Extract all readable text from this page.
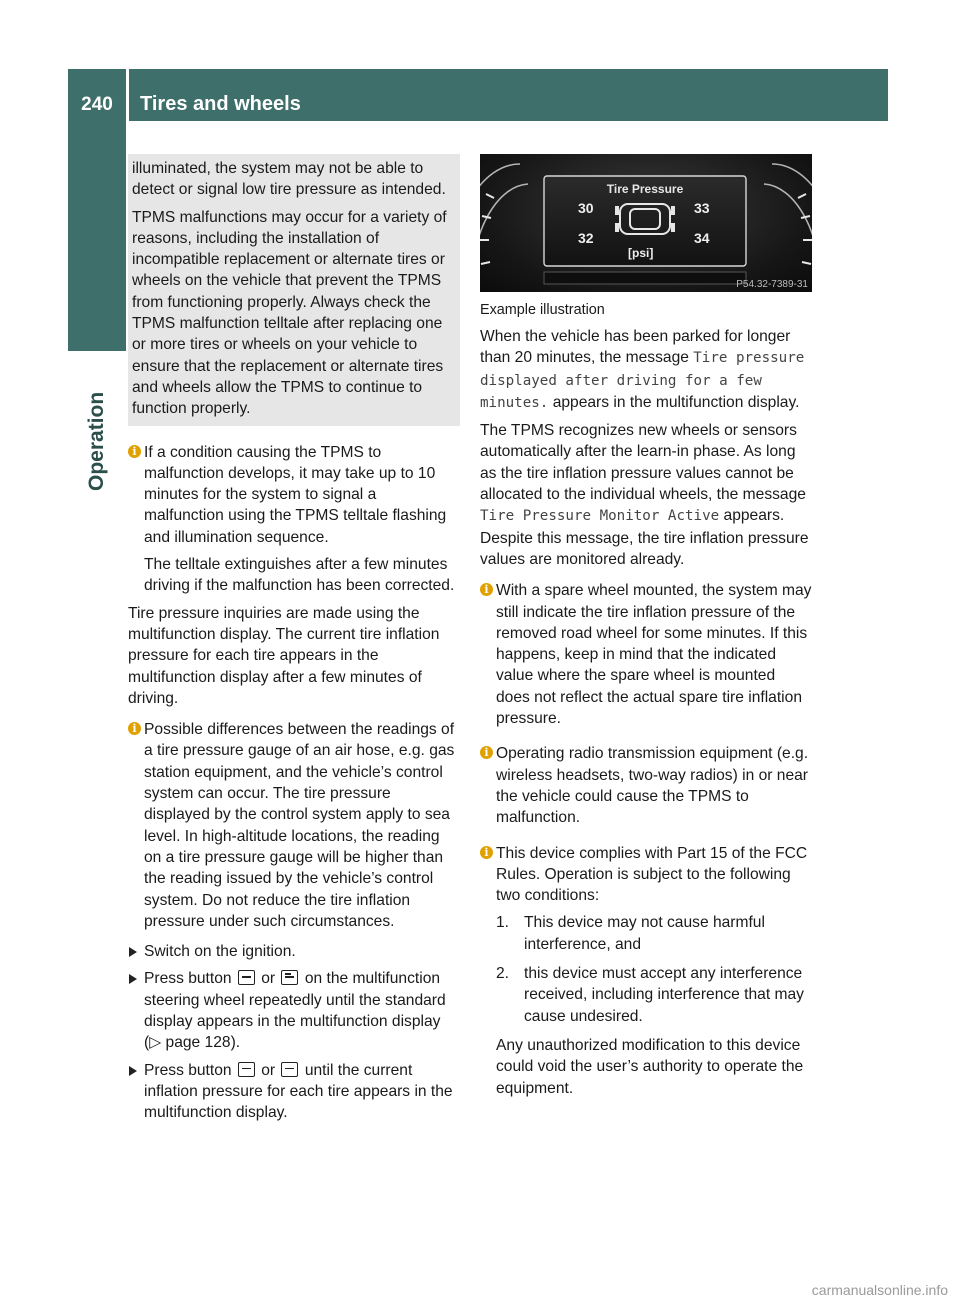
240	Tires and wheels
Operation

illuminated, the system may not be able to detect or signal low tire pressure as intended.

TPMS malfunctions may occur for a variety of reasons, including the installation of incompatible replacement or alternate tires or wheels on the vehicle that prevent the TPMS from functioning properly. Always check the TPMS malfunction telltale after replacing one or more tires or wheels on your vehicle to ensure that the replacement or alternate tires and wheels allow the TPMS to continue to function properly.

i If a condition causing the TPMS to malfunction develops, it may take up to 10 minutes for the system to signal a malfunction using the TPMS telltale flashing and illumination sequence.

The telltale extinguishes after a few minutes driving if the malfunction has been corrected.

Tire pressure inquiries are made using the multifunction display. The current tire inflation pressure for each tire appears in the multifunction display after a few minutes of driving.

i Possible differences between the readings of a tire pressure gauge of an air hose, e.g. gas station equipment, and the vehicle’s control system can occur. The tire pressure displayed by the control system apply to sea level. In high-altitude locations, the reading on a tire pressure gauge will be higher than the reading issued by the vehicle’s control system. Do not reduce the tire inflation pressure under such circumstances.

Switch on the ignition.

Press button or on the multifunction steering wheel repeatedly until the standard display appears in the multifunction display (▷ page 128).

Press button or until the current inflation pressure for each tire appears in the multifunction display.

Tire Pressure
30	33
32	34
[psi]
P54.32-7389-31
Example illustration

When the vehicle has been parked for longer than 20 minutes, the message Tire pressure displayed after driving for a few minutes. appears in the multifunction display.

The TPMS recognizes new wheels or sensors automatically after the learn-in phase. As long as the tire inflation pressure values cannot be allocated to the individual wheels, the message Tire Pressure Monitor Active appears. Despite this message, the tire inflation pressure values are monitored already.

i With a spare wheel mounted, the system may still indicate the tire inflation pressure of the removed road wheel for some minutes. If this happens, keep in mind that the indicated value where the spare wheel is mounted does not reflect the actual spare tire inflation pressure.

i Operating radio transmission equipment (e.g. wireless headsets, two-way radios) in or near the vehicle could cause the TPMS to malfunction.

i This device complies with Part 15 of the FCC Rules. Operation is subject to the following two conditions:

1. This device may not cause harmful interference, and
2. this device must accept any interference received, including interference that may cause undesired.

Any unauthorized modification to this device could void the user’s authority to operate the equipment.

carmanualsonline.info
